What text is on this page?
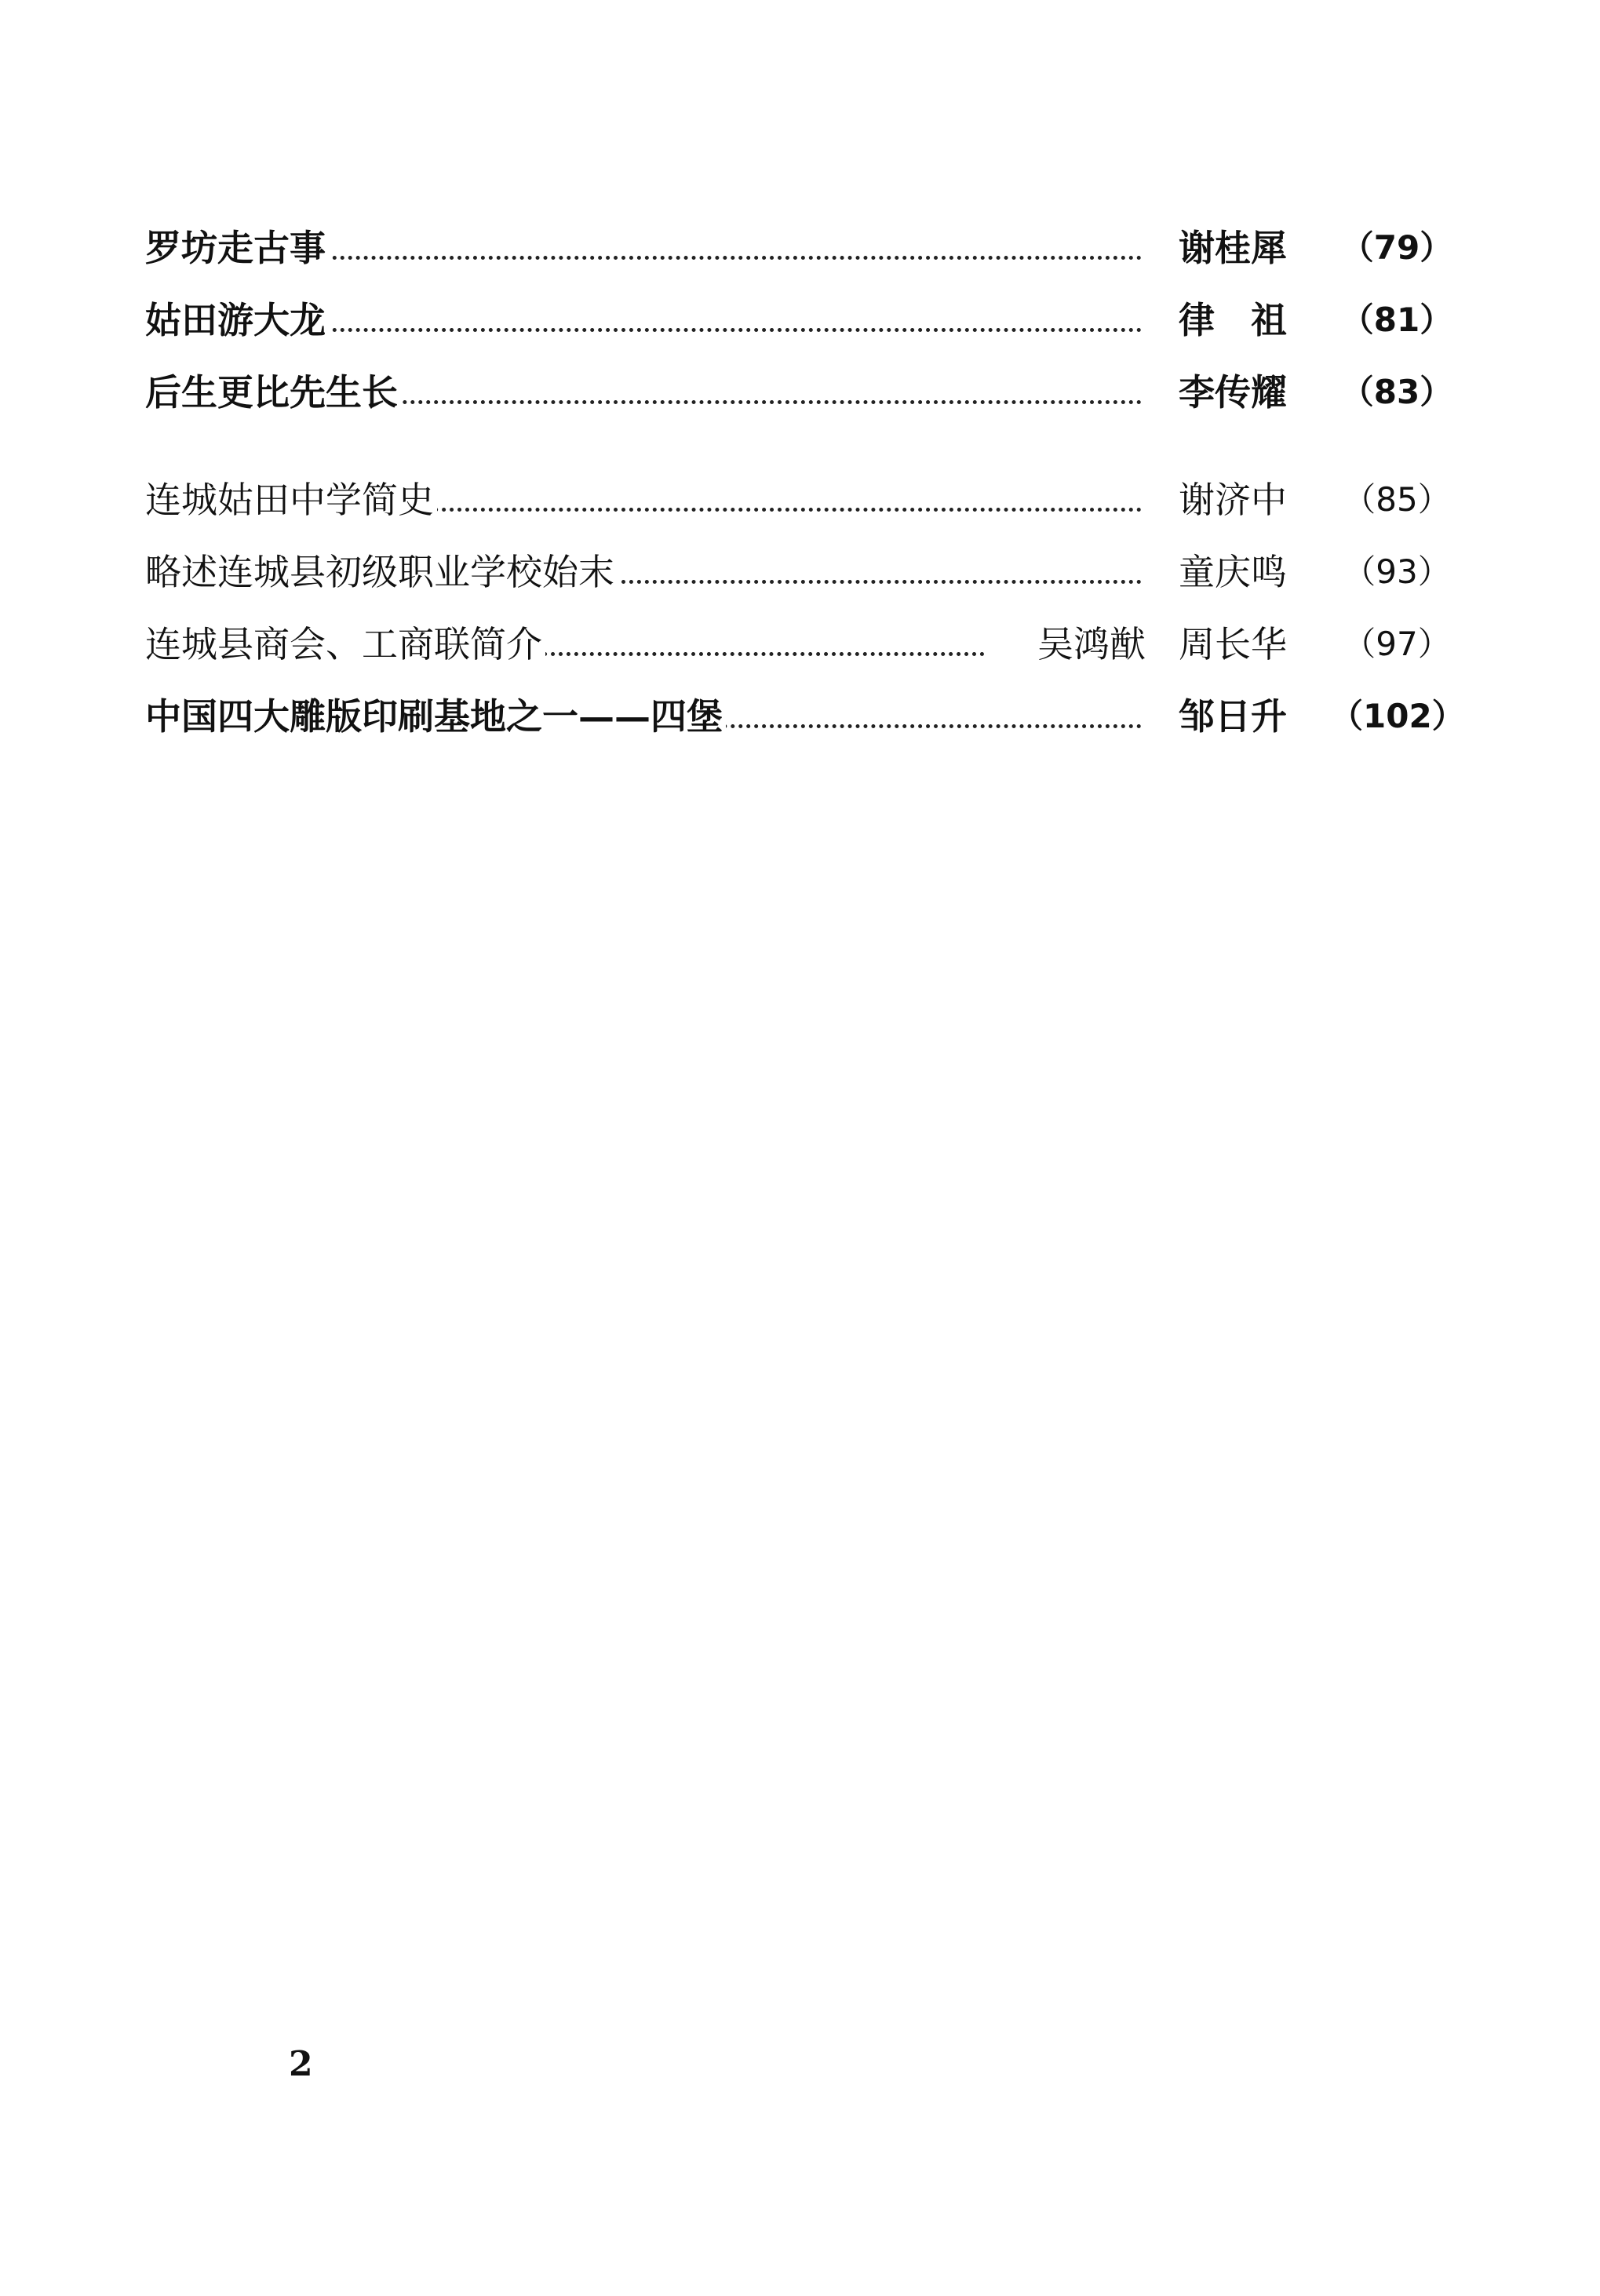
罗坊走古事	谢桂犀	（79）
姑田游大龙	律　祖	（81）
后生更比先生长	李传耀	（83）
连城姑田中学简史	谢济中	（85）
略述连城县初级职业学校始末	童庆鸣	（93）
连城县商会、工商联简介	吴鸿猷 周长华	（97）
中国四大雕版印刷基地之一——四堡	邹日升 （102）
2
